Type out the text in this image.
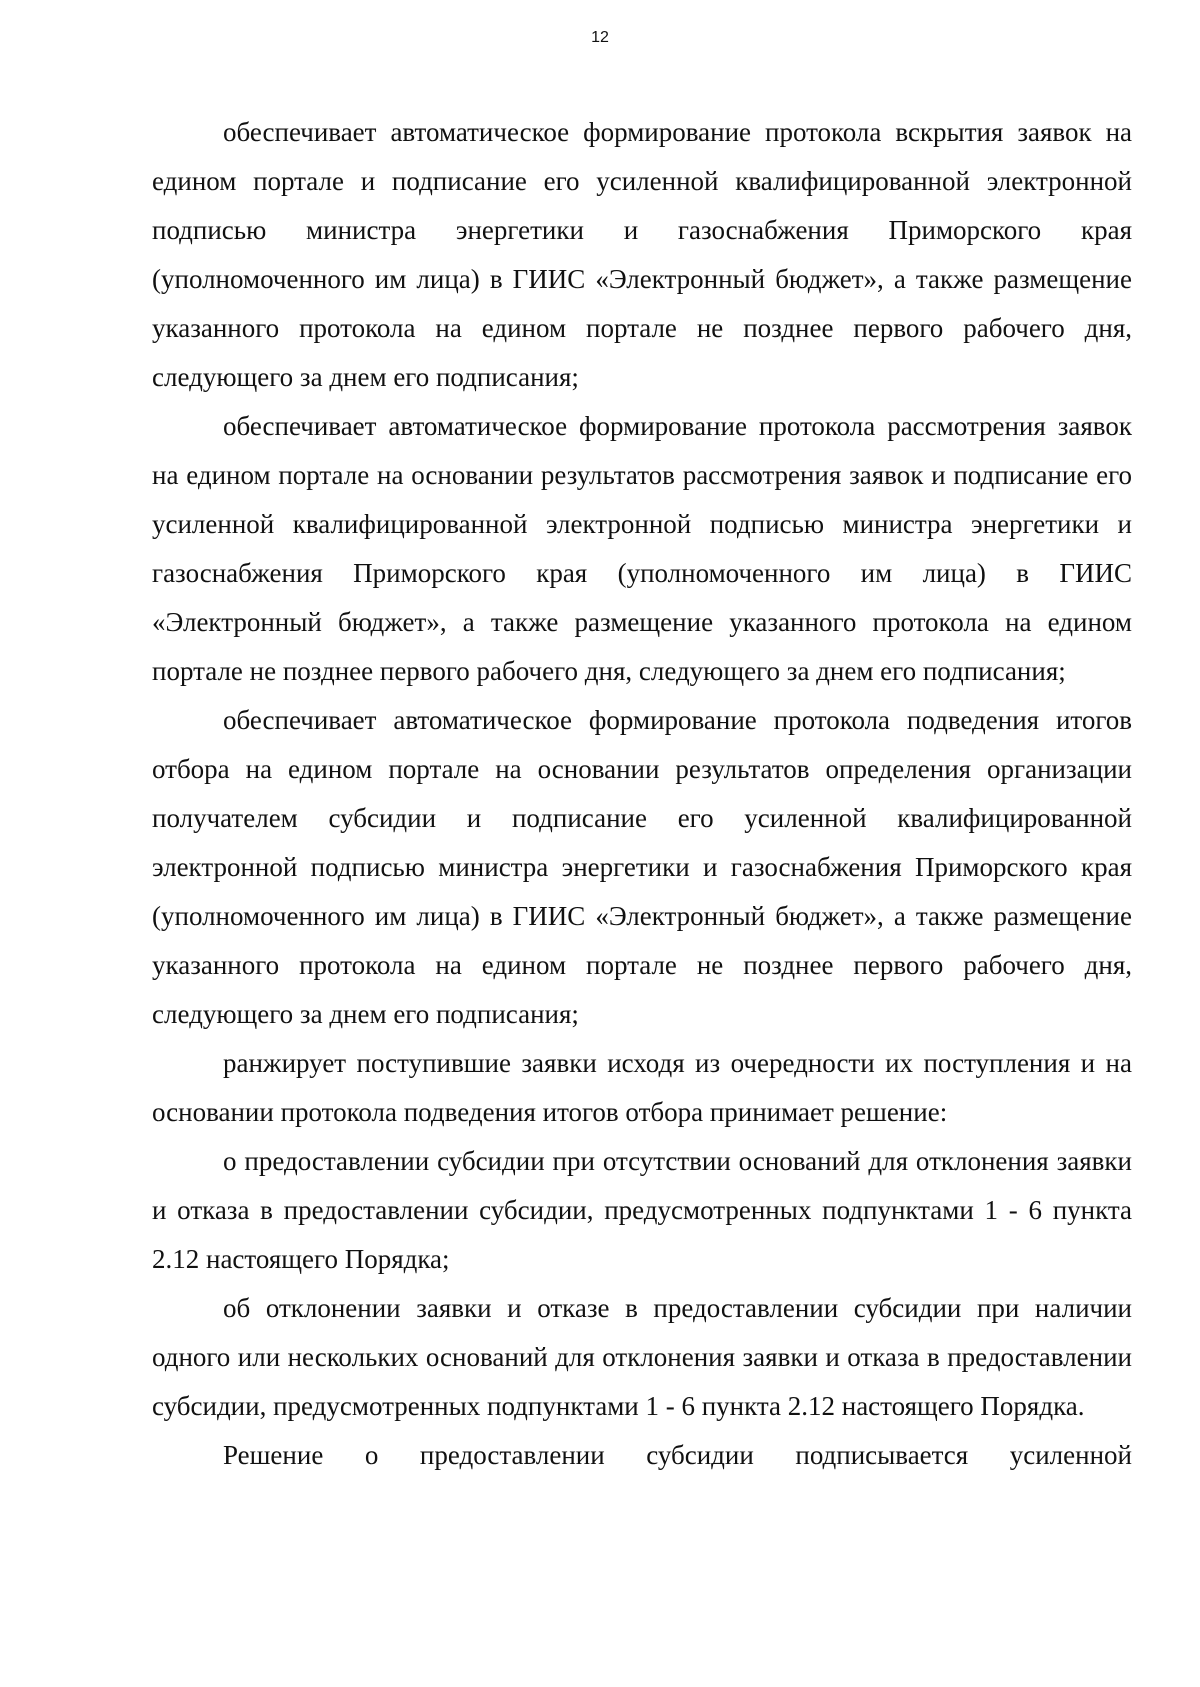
12

обеспечивает автоматическое формирование протокола вскрытия заявок на едином портале и подписание его усиленной квалифицированной электронной подписью министра энергетики и газоснабжения Приморского края (уполномоченного им лица) в ГИИС «Электронный бюджет», а также размещение указанного протокола на едином портале не позднее первого рабочего дня, следующего за днем его подписания;

обеспечивает автоматическое формирование протокола рассмотрения заявок на едином портале на основании результатов рассмотрения заявок и подписание его усиленной квалифицированной электронной подписью министра энергетики и газоснабжения Приморского края (уполномоченного им лица) в ГИИС «Электронный бюджет», а также размещение указанного протокола на едином портале не позднее первого рабочего дня, следующего за днем его подписания;

обеспечивает автоматическое формирование протокола подведения итогов отбора на едином портале на основании результатов определения организации получателем субсидии и подписание его усиленной квалифицированной электронной подписью министра энергетики и газоснабжения Приморского края (уполномоченного им лица) в ГИИС «Электронный бюджет», а также размещение указанного протокола на едином портале не позднее первого рабочего дня, следующего за днем его подписания;

ранжирует поступившие заявки исходя из очередности их поступления и на основании протокола подведения итогов отбора принимает решение:

о предоставлении субсидии при отсутствии оснований для отклонения заявки и отказа в предоставлении субсидии, предусмотренных подпунктами 1 - 6 пункта 2.12 настоящего Порядка;

об отклонении заявки и отказе в предоставлении субсидии при наличии одного или нескольких оснований для отклонения заявки и отказа в предоставлении субсидии, предусмотренных подпунктами 1 - 6 пункта 2.12 настоящего Порядка.

Решение о предоставлении субсидии подписывается усиленной
